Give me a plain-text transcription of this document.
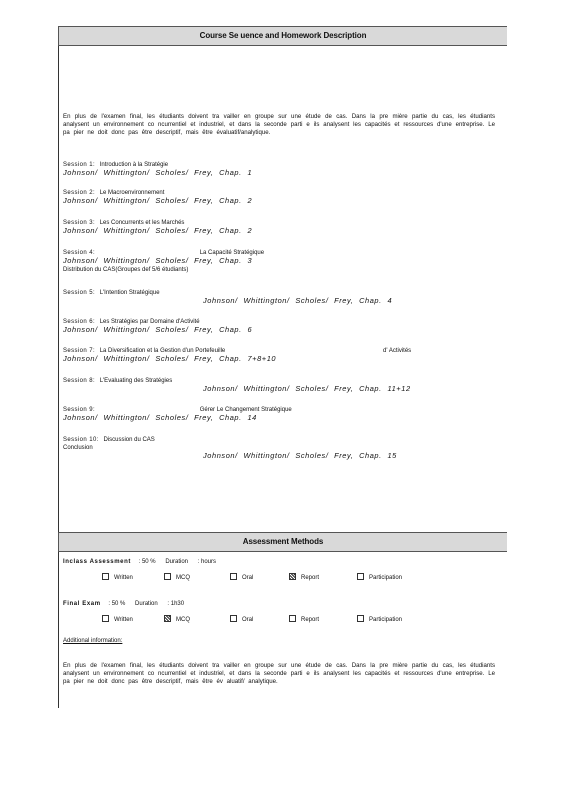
Course Se uence and Homework Description
En plus de l'examen final, les étudiants doivent tra vailler en groupe sur une étude de cas. Dans la pre mière partie du cas, les étudiants analysent un environnement co ncurrentiel et industriel, et dans la seconde parti e ils analysent les capacités et ressources d'une entreprise. Le pa pier ne doit donc pas être descriptif, mais être évaluatif/analytique.
Session 1: Introduction à la Stratégie
Johnson/ Whittington/ Scholes/ Frey, Chap. 1
Session 2: Le Macroenvironnement
Johnson/ Whittington/ Scholes/ Frey, Chap. 2
Session 3: Les Concurrents et les Marchés
Johnson/ Whittington/ Scholes/ Frey, Chap. 2
Session 4:	La Capacité Stratégique
Johnson/ Whittington/ Scholes/ Frey, Chap. 3
Distribution du CAS(Groupes def 5/6 étudiants)
Session 5: L'Intention Stratégique
Johnson/ Whittington/ Scholes/ Frey, Chap. 4
Session 6: Les Stratégies par Domaine d'Activité
Johnson/ Whittington/ Scholes/ Frey, Chap. 6
Session 7: La Diversification et la Gestion d'un Portefeuille	d' Activités

Johnson/ Whittington/ Scholes/ Frey, Chap. 7+8+10
Session 8: L'Evaluating des Stratégies
Johnson/ Whittington/ Scholes/ Frey, Chap. 11+12
Session 9:	Gérer Le Changement Stratégique
Johnson/ Whittington/ Scholes/ Frey, Chap. 14
Session 10: Discussion du CAS
Conclusion
Johnson/ Whittington/ Scholes/ Frey, Chap. 15
Assessment Methods
Inclass Assessment : 50 % Duration : hours
Written	MCQ	Oral	Report	Participation
Final Exam : 50 % Duration : 1h30
Written	MCQ	Oral	Report	Participation
Additional information:
En plus de l'examen final, les étudiants doivent tra vailler en groupe sur une étude de cas. Dans la pre mière partie du cas, les étudiants analysent un environnement co ncurrentiel et industriel, et dans la seconde parti e ils analysent les capacités et ressources d'une entreprise. Le pa pier ne doit donc pas être descriptif, mais être év aluatif/ analytique.
